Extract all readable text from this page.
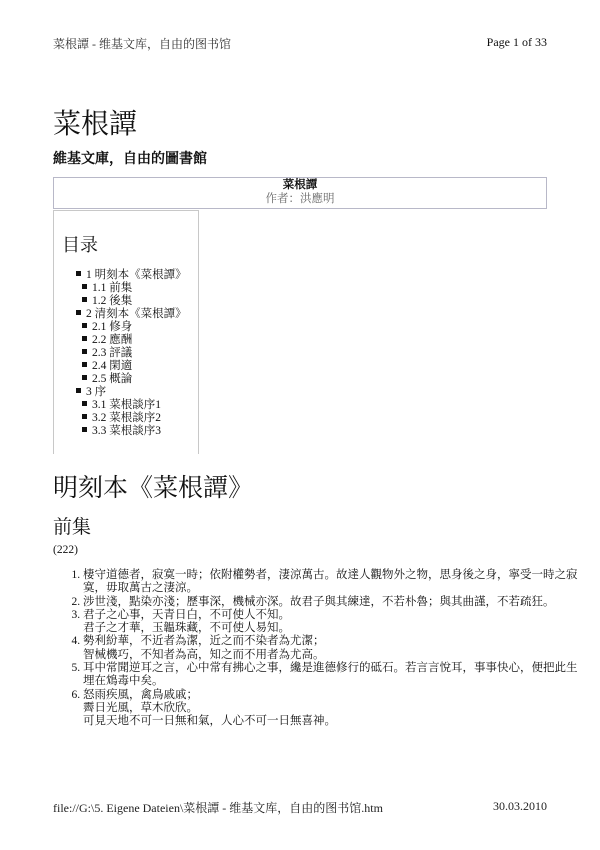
菜根譚 - 维基文库，自由的图书馆	Page 1 of 33
菜根譚
維基文庫，自由的圖書館
菜根譚
作者：洪應明
目录
1 明刻本《菜根譚》
1.1 前集
1.2 後集
2 清刻本《菜根譚》
2.1 修身
2.2 應酬
2.3 評議
2.4 閑適
2.5 概論
3 序
3.1 菜根談序1
3.2 菜根談序2
3.3 菜根談序3
明刻本《菜根譚》
前集
(222)
1. 棲守道德者，寂寞一時；依附權勢者，淒涼萬古。故達人觀物外之物，思身後之身，寧受一時之寂寞，毋取萬古之淒涼。
2. 涉世淺，點染亦淺；歷事深，機械亦深。故君子與其練達，不若朴魯；與其曲謹，不若疏狂。
3. 君子之心事，天青日白，不可使人不知。
君子之才華，玉韞珠藏，不可使人易知。
4. 勢利紛華，不近者為潔，近之而不染者為尤潔；
智械機巧，不知者為高，知之而不用者為尤高。
5. 耳中常聞逆耳之言，心中常有拂心之事，纔是進德修行的砥石。若言言悅耳，事事快心，便把此生埋在鴆毒中矣。
6. 怒雨疾風，禽鳥戚戚；
霽日光風，草木欣欣。
可見天地不可一日無和氣，人心不可一日無喜神。
file://G:\5. Eigene Dateien\菜根譚 - 维基文库，自由的图书馆.htm	30.03.2010
